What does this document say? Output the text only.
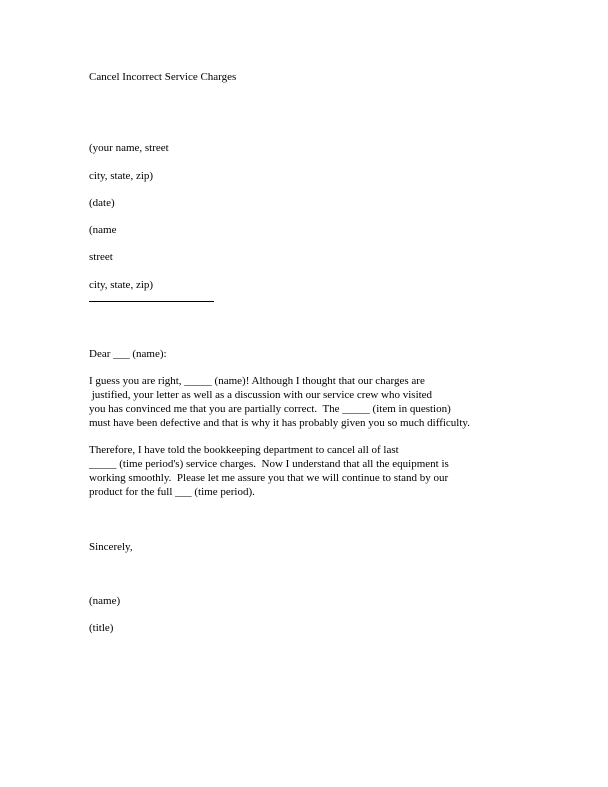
Cancel Incorrect Service Charges
(your name, street
city, state, zip)
(date)
(name
street
city, state, zip)
Dear ___ (name):
I guess you are right, _____ (name)! Although I thought that our charges are
justified, your letter as well as a discussion with our service crew who visited
you has convinced me that you are partially correct.  The _____ (item in question)
must have been defective and that is why it has probably given you so much difficulty.
Therefore, I have told the bookkeeping department to cancel all of last
_____ (time period's) service charges.  Now I understand that all the equipment is
working smoothly.  Please let me assure you that we will continue to stand by our
product for the full ___ (time period).
Sincerely,
(name)
(title)
